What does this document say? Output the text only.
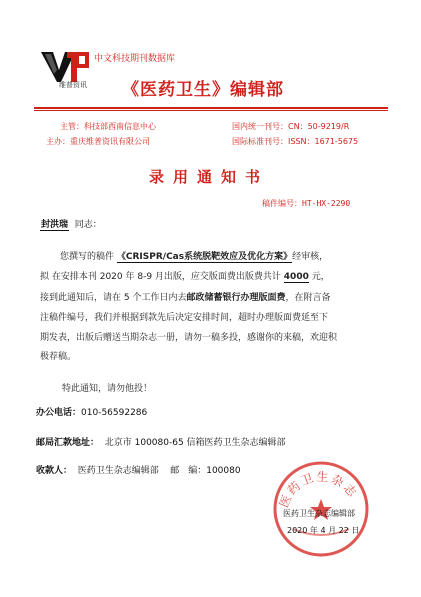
维普资讯
中文科技期刊数据库
《医药卫生》编辑部
主管：科技部西南信息中心	国内统一刊号：CN：50-9219/R
主办：重庆维普资讯有限公司	国际标准刊号：ISSN：1671-5675
录用通知书
稿件编号：HT-HX-2290
封洪瑞 同志：
您撰写的稿件 《CRISPR/Cas系统脱靶效应及优化方案》经审核，
拟 在安排本刊 2020 年 8-9 月出版，应交版面费出版费共计 4000 元，
接到此通知后，请在 5 个工作日内去邮政储蓄银行办理版面费，在附言备
注稿件编号，我们并根据到款先后决定安排时间，超时办理版面费延至下
期发表，出版后赠送当期杂志一册，请勿一稿多投，感谢你的来稿，欢迎积
极荐稿。
特此通知，请勿他投！
办公电话：010-56592286
邮局汇款地址： 北京市 100080-65 信箱医药卫生杂志编辑部
收款人： 医药卫生杂志编辑部 邮　编：100080
医药卫生杂志
医药卫生杂志编辑部
2020 年 4 月 22 日
